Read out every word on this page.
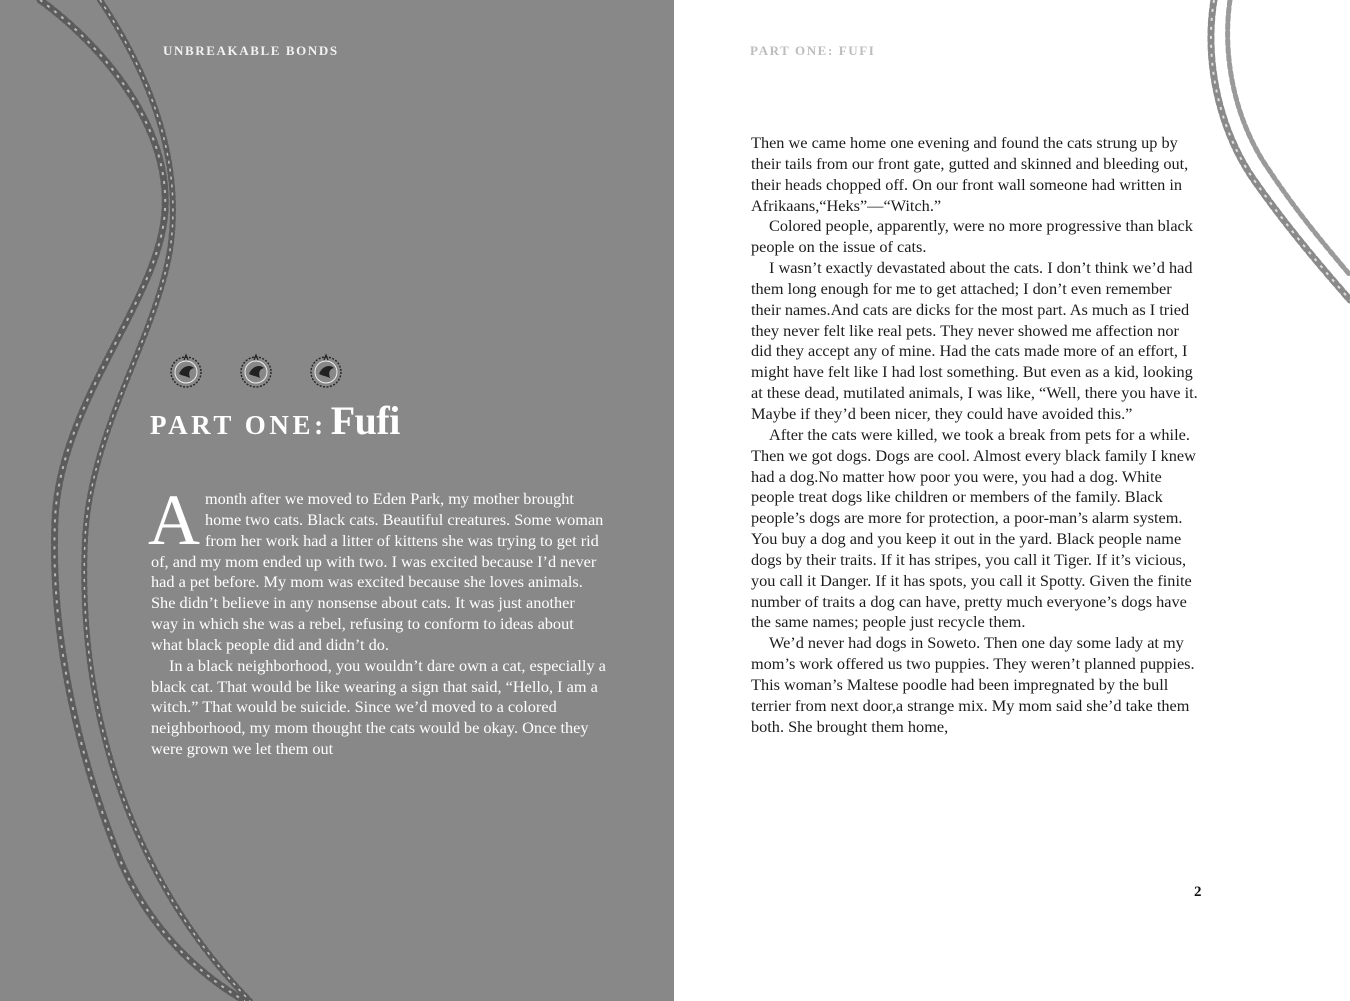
UNBREAKABLE BONDS
PART ONE: Fufi

Amonth after we moved to Eden Park, my mother brought home two cats. Black cats. Beautiful creatures. Some woman from her work had a litter of kittens she was trying to get rid of, and my mom ended up with two. I was excited because I’d never had a pet before. My mom was excited because she loves animals. She didn’t believe in any nonsense about cats. It was just another way in which she was a rebel, refusing to conform to ideas about what black people did and didn’t do.

In a black neighborhood, you wouldn’t dare own a cat, especially a black cat. That would be like wearing a sign that said, “Hello, I am a witch.” That would be suicide. Since we’d moved to a colored neighborhood, my mom thought the cats would be okay. Once they were grown we let them out

PART ONE: FUFI

Then we came home one evening and found the cats strung up by their tails from our front gate, gutted and skinned and bleeding out, their heads chopped off. On our front wall someone had written in Afrikaans,“Heks”—“Witch.”

Colored people, apparently, were no more progressive than black people on the issue of cats.

I wasn’t exactly devastated about the cats. I don’t think we’d had them long enough for me to get attached; I don’t even remember their names.And cats are dicks for the most part. As much as I tried they never felt like real pets. They never showed me affection nor did they accept any of mine. Had the cats made more of an effort, I might have felt like I had lost something. But even as a kid, looking at these dead, mutilated animals, I was like, “Well, there you have it. Maybe if they’d been nicer, they could have avoided this.”

After the cats were killed, we took a break from pets for a while. Then we got dogs. Dogs are cool. Almost every black family I knew had a dog.No matter how poor you were, you had a dog. White people treat dogs like children or members of the family. Black people’s dogs are more for protection, a poor-man’s alarm system. You buy a dog and you keep it out in the yard. Black people name dogs by their traits. If it has stripes, you call it Tiger. If it’s vicious, you call it Danger. If it has spots, you call it Spotty. Given the finite number of traits a dog can have, pretty much everyone’s dogs have the same names; people just recycle them.

We’d never had dogs in Soweto. Then one day some lady at my mom’s work offered us two puppies. They weren’t planned puppies. This woman’s Maltese poodle had been impregnated by the bull terrier from next door,a strange mix. My mom said she’d take them both. She brought them home,

2
